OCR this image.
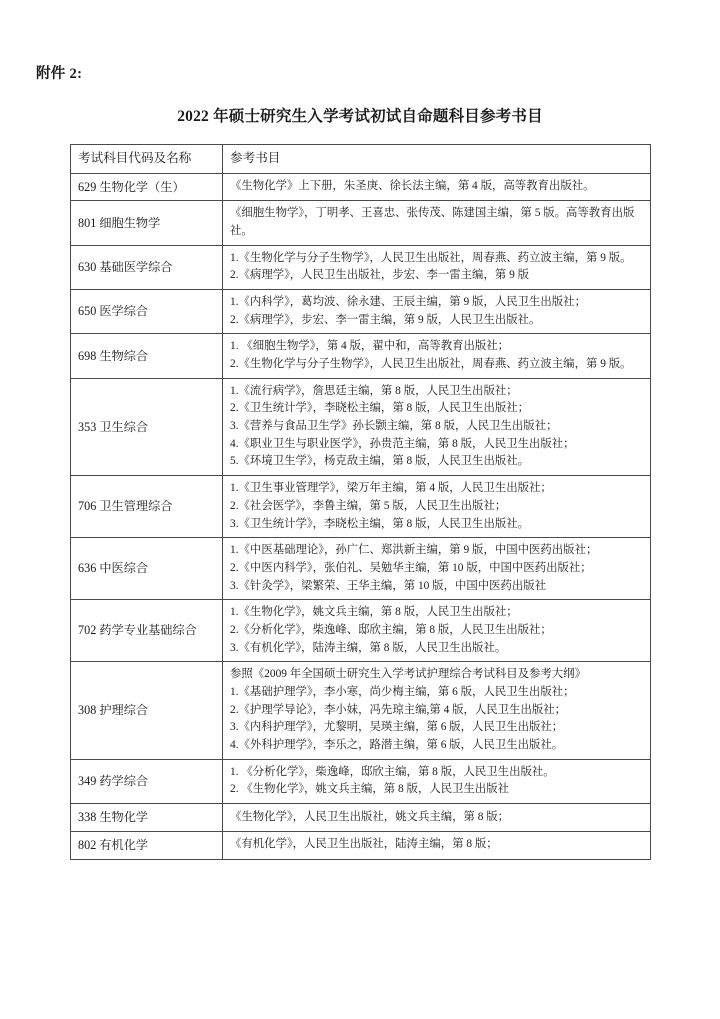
附件 2:
2022 年硕士研究生入学考试初试自命题科目参考书目
考试科目代码及名称	参考书目
629 生物化学（生）	《生物化学》上下册，朱圣庚、徐长法主编，第 4 版，高等教育出版社。

801 细胞生物学	《细胞生物学》，丁明孝、王喜忠、张传茂、陈建国主编，第 5 版。高等教育出版社。

630 基础医学综合	1.《生物化学与分子生物学》，人民卫生出版社，周春燕、药立波主编，第 9 版。
2.《病理学》，人民卫生出版社，步宏、李一雷主编，第 9 版

650 医学综合	1.《内科学》，葛均波、徐永建、王辰主编，第 9 版，人民卫生出版社；
2.《病理学》，步宏、李一雷主编，第 9 版，人民卫生出版社。

698 生物综合	1. 《细胞生物学》，第 4 版，翟中和，高等教育出版社；
2.《生物化学与分子生物学》，人民卫生出版社，周春燕、药立波主编，第 9 版。

353 卫生综合	1.《流行病学》，詹思廷主编，第 8 版，人民卫生出版社；
2.《卫生统计学》，李晓松主编，第 8 版，人民卫生出版社；
3.《营养与食品卫生学》孙长颢主编，第 8 版，人民卫生出版社；
4.《职业卫生与职业医学》，孙贵范主编，第 8 版，人民卫生出版社；
5.《环境卫生学》，杨克敌主编，第 8 版，人民卫生出版社。

706 卫生管理综合	1.《卫生事业管理学》，梁万年主编，第 4 版，人民卫生出版社；
2.《社会医学》，李鲁主编，第 5 版，人民卫生出版社；
3.《卫生统计学》，李晓松主编，第 8 版，人民卫生出版社。

636 中医综合	1.《中医基础理论》，孙广仁、郑洪新主编，第 9 版，中国中医药出版社；
2.《中医内科学》，张伯礼、吴勉华主编，第 10 版，中国中医药出版社；
3.《针灸学》，梁繁荣、王华主编，第 10 版，中国中医药出版社

702 药学专业基础综合	1.《生物化学》，姚文兵主编，第 8 版，人民卫生出版社；
2.《分析化学》，柴逸峰、邸欣主编，第 8 版，人民卫生出版社；
3.《有机化学》，陆涛主编，第 8 版，人民卫生出版社。

308 护理综合	参照《2009 年全国硕士研究生入学考试护理综合考试科目及参考大纲》
1.《基础护理学》，李小寒，尚少梅主编，第 6 版，人民卫生出版社；
2.《护理学导论》，李小妹，冯先琼主编,第 4 版，人民卫生出版社；
3.《内科护理学》，尤黎明，吴瑛主编，第 6 版，人民卫生出版社；
4.《外科护理学》，李乐之，路潜主编，第 6 版，人民卫生出版社。

349 药学综合	1. 《分析化学》，柴逸峰，邸欣主编，第 8 版，人民卫生出版社。
2. 《生物化学》，姚文兵主编，第 8 版，人民卫生出版社

338 生物化学	《生物化学》，人民卫生出版社，姚文兵主编，第 8 版；

802 有机化学	《有机化学》，人民卫生出版社，陆涛主编，第 8 版；
